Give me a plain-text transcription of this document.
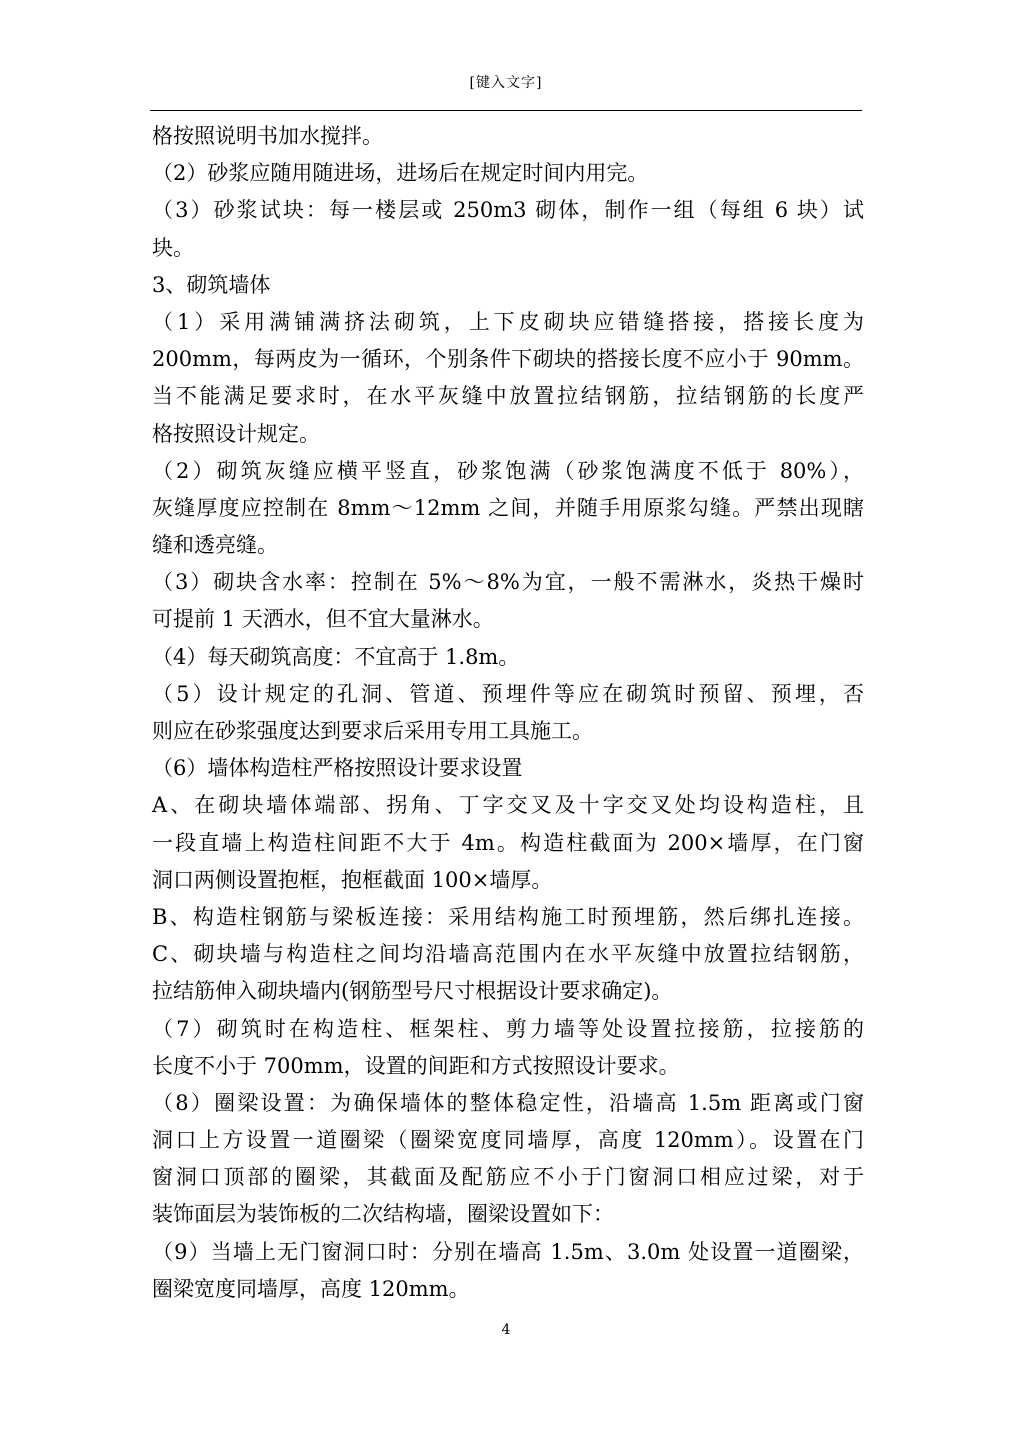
[键入文字]
格按照说明书加水搅拌。
（2）砂浆应随用随进场，进场后在规定时间内用完。
（3）砂浆试块：每一楼层或 250m3 砌体，制作一组（每组 6 块）试
块。
3、砌筑墙体
（1）采用满铺满挤法砌筑，上下皮砌块应错缝搭接，搭接长度为
200mm，每两皮为一循环，个别条件下砌块的搭接长度不应小于 90mm。
当不能满足要求时，在水平灰缝中放置拉结钢筋，拉结钢筋的长度严
格按照设计规定。
（2）砌筑灰缝应横平竖直，砂浆饱满（砂浆饱满度不低于 80%），
灰缝厚度应控制在 8mm～12mm 之间，并随手用原浆勾缝。严禁出现瞎
缝和透亮缝。
（3）砌块含水率：控制在 5%～8%为宜，一般不需淋水，炎热干燥时
可提前 1 天洒水，但不宜大量淋水。
（4）每天砌筑高度：不宜高于 1.8m。
（5）设计规定的孔洞、管道、预埋件等应在砌筑时预留、预埋，否
则应在砂浆强度达到要求后采用专用工具施工。
（6）墙体构造柱严格按照设计要求设置
A、在砌块墙体端部、拐角、丁字交叉及十字交叉处均设构造柱，且
一段直墙上构造柱间距不大于 4m。构造柱截面为 200×墙厚，在门窗
洞口两侧设置抱框，抱框截面 100×墙厚。
B、构造柱钢筋与梁板连接：采用结构施工时预埋筋，然后绑扎连接。
C、砌块墙与构造柱之间均沿墙高范围内在水平灰缝中放置拉结钢筋，
拉结筋伸入砌块墙内(钢筋型号尺寸根据设计要求确定)。
（7）砌筑时在构造柱、框架柱、剪力墙等处设置拉接筋，拉接筋的
长度不小于 700mm，设置的间距和方式按照设计要求。
（8）圈梁设置：为确保墙体的整体稳定性，沿墙高 1.5m 距离或门窗
洞口上方设置一道圈梁（圈梁宽度同墙厚，高度 120mm）。设置在门
窗洞口顶部的圈梁，其截面及配筋应不小于门窗洞口相应过梁，对于
装饰面层为装饰板的二次结构墙，圈梁设置如下：
（9）当墙上无门窗洞口时：分别在墙高 1.5m、3.0m 处设置一道圈梁，
圈梁宽度同墙厚，高度 120mm。
4
